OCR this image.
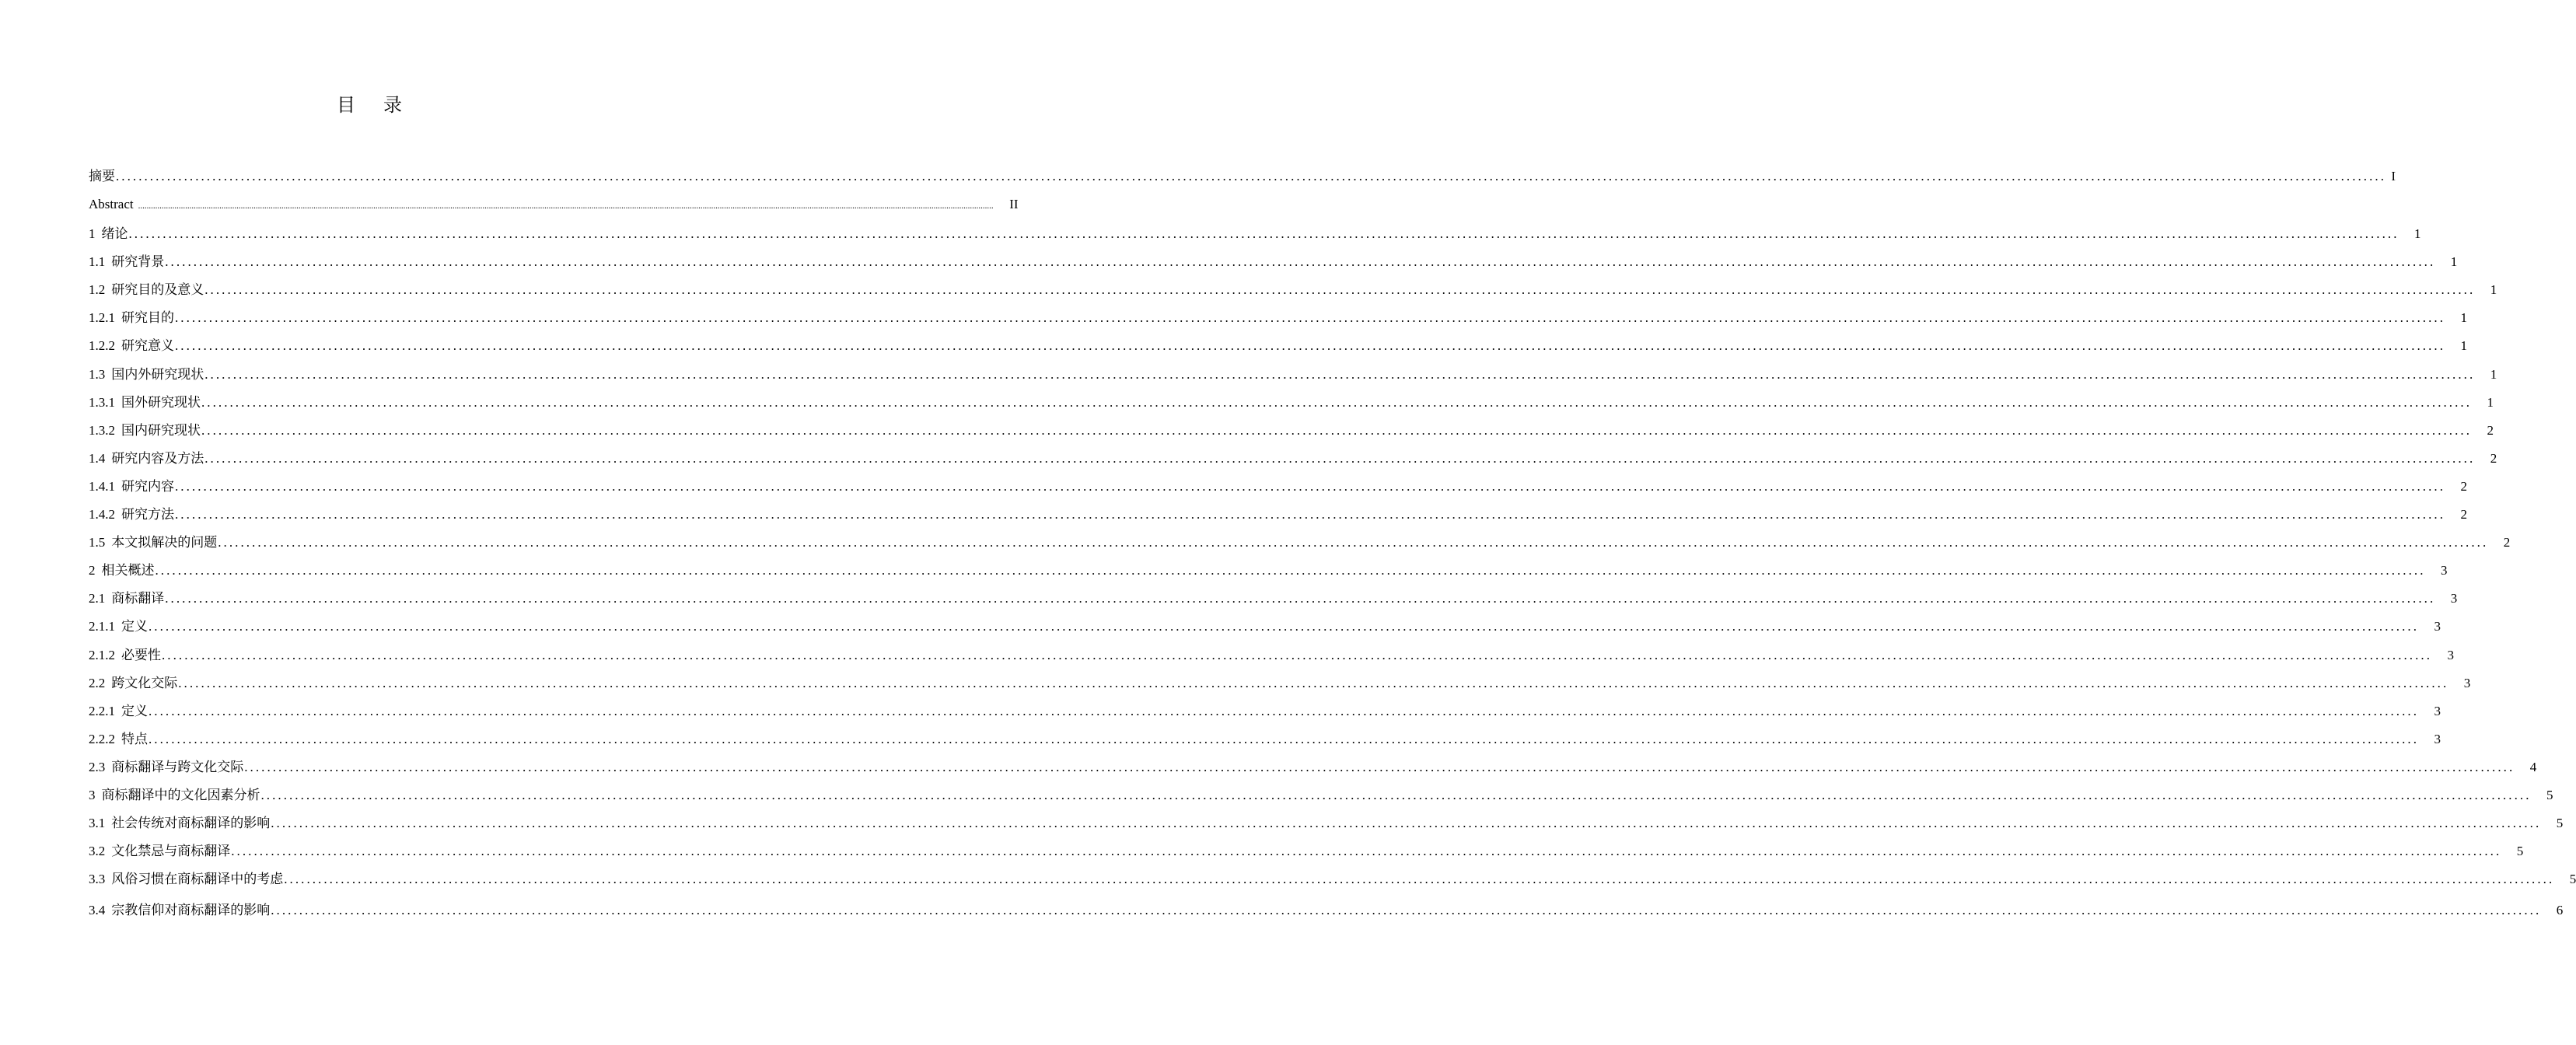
目 录
摘要 ................................................................................................................................................................................................................................................................................................................................................................................................................ I
Abstract ................................................................................................................................................................................................................................................................................................................................................................................................................	II
1 绪论 ................................................................................................................................................................................................................................................................................................................................................................................................................	1
1.1 研究背景 ................................................................................................................................................................................................................................................................................................................................................................................................................	1
1.2 研究目的及意义 ................................................................................................................................................................................................................................................................................................................................................................................................................	1
1.2.1 研究目的 ................................................................................................................................................................................................................................................................................................................................................................................................................	1
1.2.2 研究意义 ................................................................................................................................................................................................................................................................................................................................................................................................................	1
1.3 国内外研究现状 ................................................................................................................................................................................................................................................................................................................................................................................................................	1
1.3.1 国外研究现状 ................................................................................................................................................................................................................................................................................................................................................................................................................	1
1.3.2 国内研究现状 ................................................................................................................................................................................................................................................................................................................................................................................................................	2
1.4 研究内容及方法 ................................................................................................................................................................................................................................................................................................................................................................................................................	2
1.4.1 研究内容 ................................................................................................................................................................................................................................................................................................................................................................................................................	2
1.4.2 研究方法 ................................................................................................................................................................................................................................................................................................................................................................................................................	2
1.5 本文拟解决的问题 ................................................................................................................................................................................................................................................................................................................................................................................................................	2
2 相关概述 ................................................................................................................................................................................................................................................................................................................................................................................................................	3
2.1 商标翻译 ................................................................................................................................................................................................................................................................................................................................................................................................................	3
2.1.1 定义 ................................................................................................................................................................................................................................................................................................................................................................................................................	3
2.1.2 必要性 ................................................................................................................................................................................................................................................................................................................................................................................................................	3
2.2 跨文化交际 ................................................................................................................................................................................................................................................................................................................................................................................................................	3
2.2.1 定义 ................................................................................................................................................................................................................................................................................................................................................................................................................	3
2.2.2 特点 ................................................................................................................................................................................................................................................................................................................................................................................................................	3
2.3 商标翻译与跨文化交际 ................................................................................................................................................................................................................................................................................................................................................................................................................	4
3 商标翻译中的文化因素分析 ................................................................................................................................................................................................................................................................................................................................................................................................................	5
3.1 社会传统对商标翻译的影响 ................................................................................................................................................................................................................................................................................................................................................................................................................	5
3.2 文化禁忌与商标翻译 ................................................................................................................................................................................................................................................................................................................................................................................................................	5
3.3 风俗习惯在商标翻译中的考虑 ................................................................................................................................................................................................................................................................................................................................................................................................................	5
3.4 宗教信仰对商标翻译的影响 ................................................................................................................................................................................................................................................................................................................................................................................................................	6
